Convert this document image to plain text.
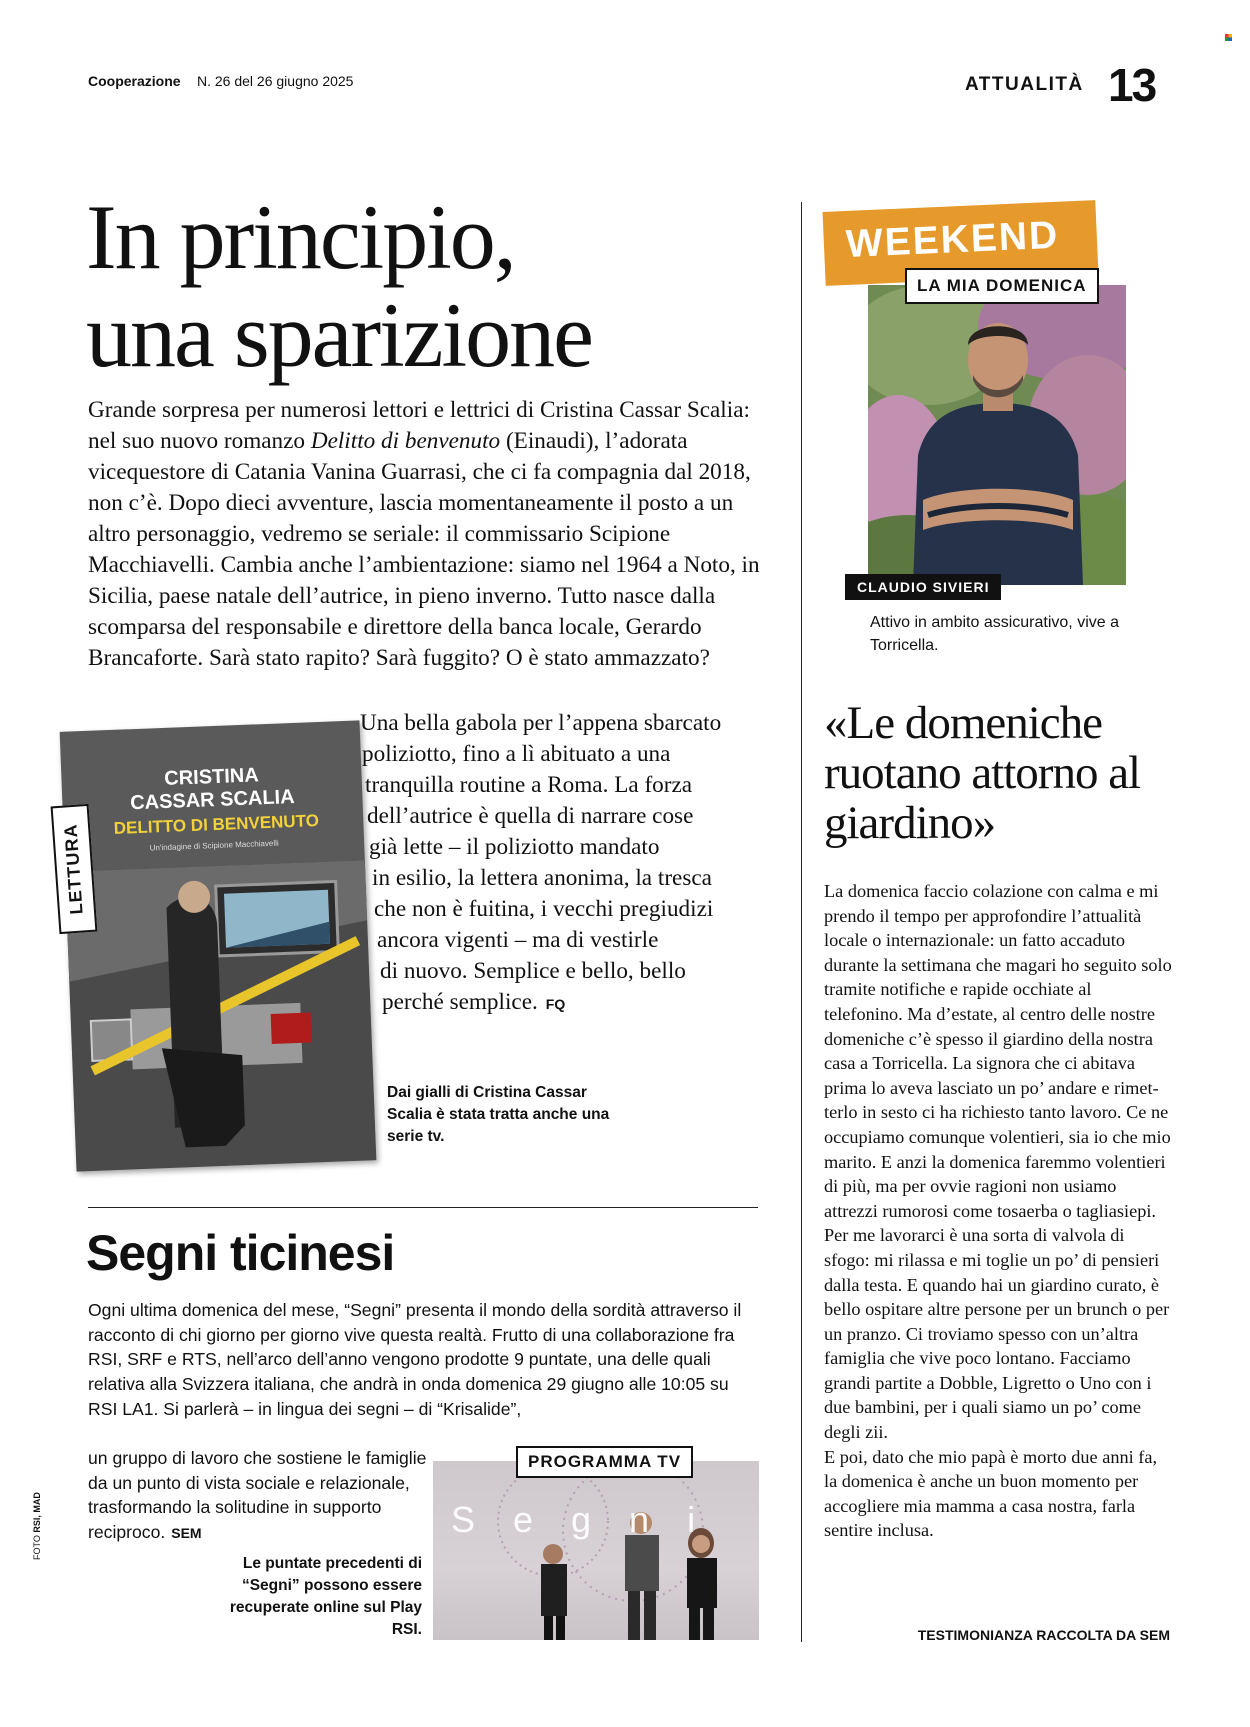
Cooperazione N. 26 del 26 giugno 2025	ATTUALITÀ 13
In principio,
una sparizione
Grande sorpresa per numerosi lettori e lettrici di Cristina Cassar Scalia: nel suo nuovo romanzo Delitto di benvenuto (Einaudi), l’adorata vicequestore di Catania Vanina Guarrasi, che ci fa compagnia dal 2018, non c’è. Dopo dieci avventure, lascia momentaneamente il posto a un altro personaggio, vedremo se seriale: il commissario Scipione Macchiavelli. Cambia anche l’ambientazione: siamo nel 1964 a Noto, in Sicilia, paese natale dell’autrice, in pieno inverno. Tutto nasce dalla scomparsa del responsabile e direttore della banca locale, Gerardo Brancaforte. Sarà stato rapito? Sarà fuggito? O è stato ammazzato?
Una bella gabola per l’appena sbarcato
poliziotto, fino a lì abituato a una
tranquilla routine a Roma. La forza
dell’autrice è quella di narrare cose
già lette – il poliziotto mandato
in esilio, la lettera anonima, la tresca
che non è fuitina, i vecchi pregiudizi
ancora vigenti – ma di vestirle
di nuovo. Semplice e bello, bello
perché semplice. FQ
CRISTINA
CASSAR SCALIA
DELITTO DI BENVENUTO
Un'indagine di Scipione Macchiavelli
LETTURA
Dai gialli di Cristina Cassar Scalia è stata tratta anche una serie tv.
Segni ticinesi
Ogni ultima domenica del mese, “Segni” presenta il mondo della sordità attraverso il racconto di chi giorno per giorno vive questa realtà. Frutto di una collaborazione fra RSI, SRF e RTS, nell’arco dell’anno vengono prodotte 9 puntate, una delle quali relativa alla Svizzera italiana, che andrà in onda domenica 29 giugno alle 10:05 su RSI LA1. Si parlerà – in lingua dei segni – di “Krisalide”,
un gruppo di lavoro che sostiene le famiglie da un punto di vista sociale e relazionale, trasformando la solitudine in supporto reciproco. SEM	Segni
PROGRAMMA TV
Le puntate precedenti di “Segni” possono essere recuperate online sul Play RSI.
FOTO RSI, MAD
WEEKEND
LA MIA DOMENICA
CLAUDIO SIVIERI
Attivo in ambito assicurativo, vive a Torricella.
«Le domeniche ruotano attorno al giardino»
La domenica faccio colazione con calma e mi prendo il tempo per approfondire l’attualità locale o internazionale: un fatto accaduto durante la settimana che magari ho seguito solo tramite notifiche e rapide occhiate al telefonino. Ma d’estate, al centro delle nostre domeniche c’è spesso il giardino della nostra casa a Torricella. La signora che ci abitava prima lo aveva lasciato un po’ andare e rimetterlo in sesto ci ha richiesto tanto lavoro. Ce ne occupiamo comunque volentieri, sia io che mio marito. E anzi la domenica faremmo volentieri di più, ma per ovvie ragioni non usiamo attrezzi rumorosi come tosaerba o tagliasiepi. Per me lavorarci è una sorta di valvola di sfogo: mi rilassa e mi toglie un po’ di pensieri dalla testa. E quando hai un giardino curato, è bello ospitare altre persone per un brunch o per un pranzo. Ci troviamo spesso con un’altra famiglia che vive poco lontano. Facciamo grandi partite a Dobble, Ligretto o Uno con i due bambini, per i quali siamo un po’ come degli zii.
E poi, dato che mio papà è morto due anni fa, la domenica è anche un buon momento per accogliere mia mamma a casa nostra, farla sentire inclusa.
TESTIMONIANZA RACCOLTA DA SEM
